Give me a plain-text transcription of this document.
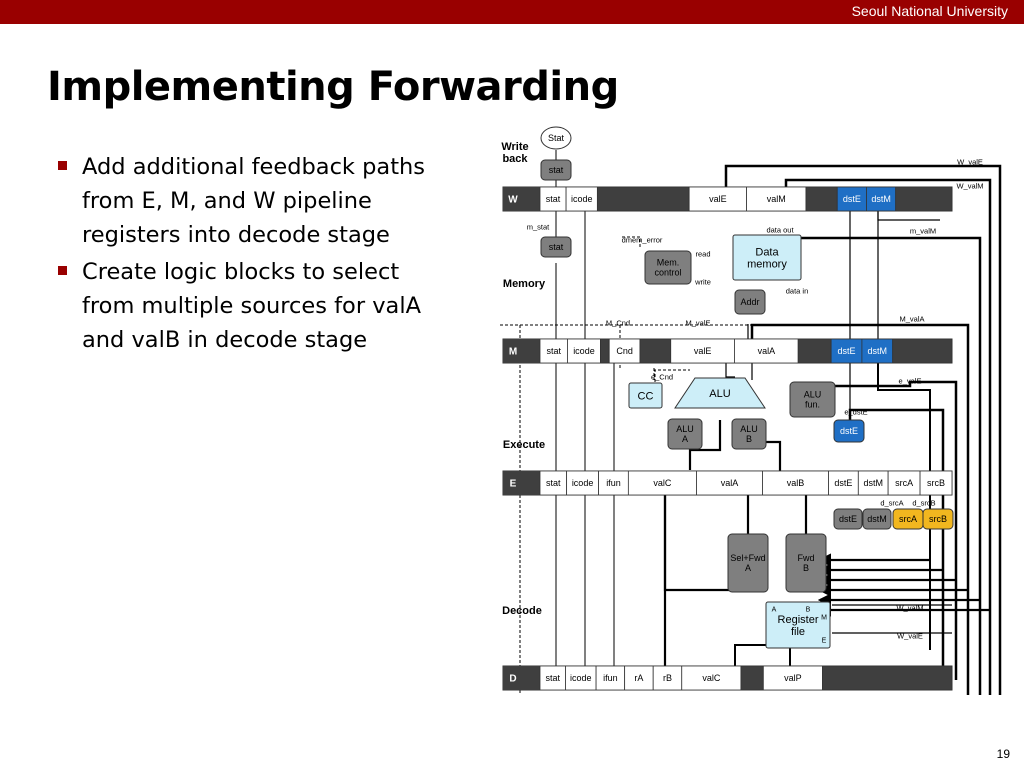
Seoul National University
Implementing Forwarding
Add additional feedback paths from E, M, and W pipeline registers into decode stage
Create logic blocks to select from multiple sources for valA and valB in decode stage
W	stat icode	valE	valM	dstE dstM
M	stat icode Cnd	valE	valA	dstE dstM
E	stat icode ifun	valC	valA	valB	dstE dstM srcA srcB
D	stat icode ifun rA rB	valC	valP
Stat
stat
stat
Mem. control
Data memory
Addr
CC	ALU	ALU fun.
ALU A
ALU B
dstE
dstE dstM srcA srcB
Sel+Fwd A
Fwd B
Register file
Write back
Memory
Execute
Decode
W_valE
W_valM
m_stat
dmem_error
data out	m_valM
read
write
data in
M_Cnd	M_valE	M_valA
e_Cnd	e_valE
e_dstE
d_srcA d_srcB
W_valM
W_valE
A	B
M
E
19
